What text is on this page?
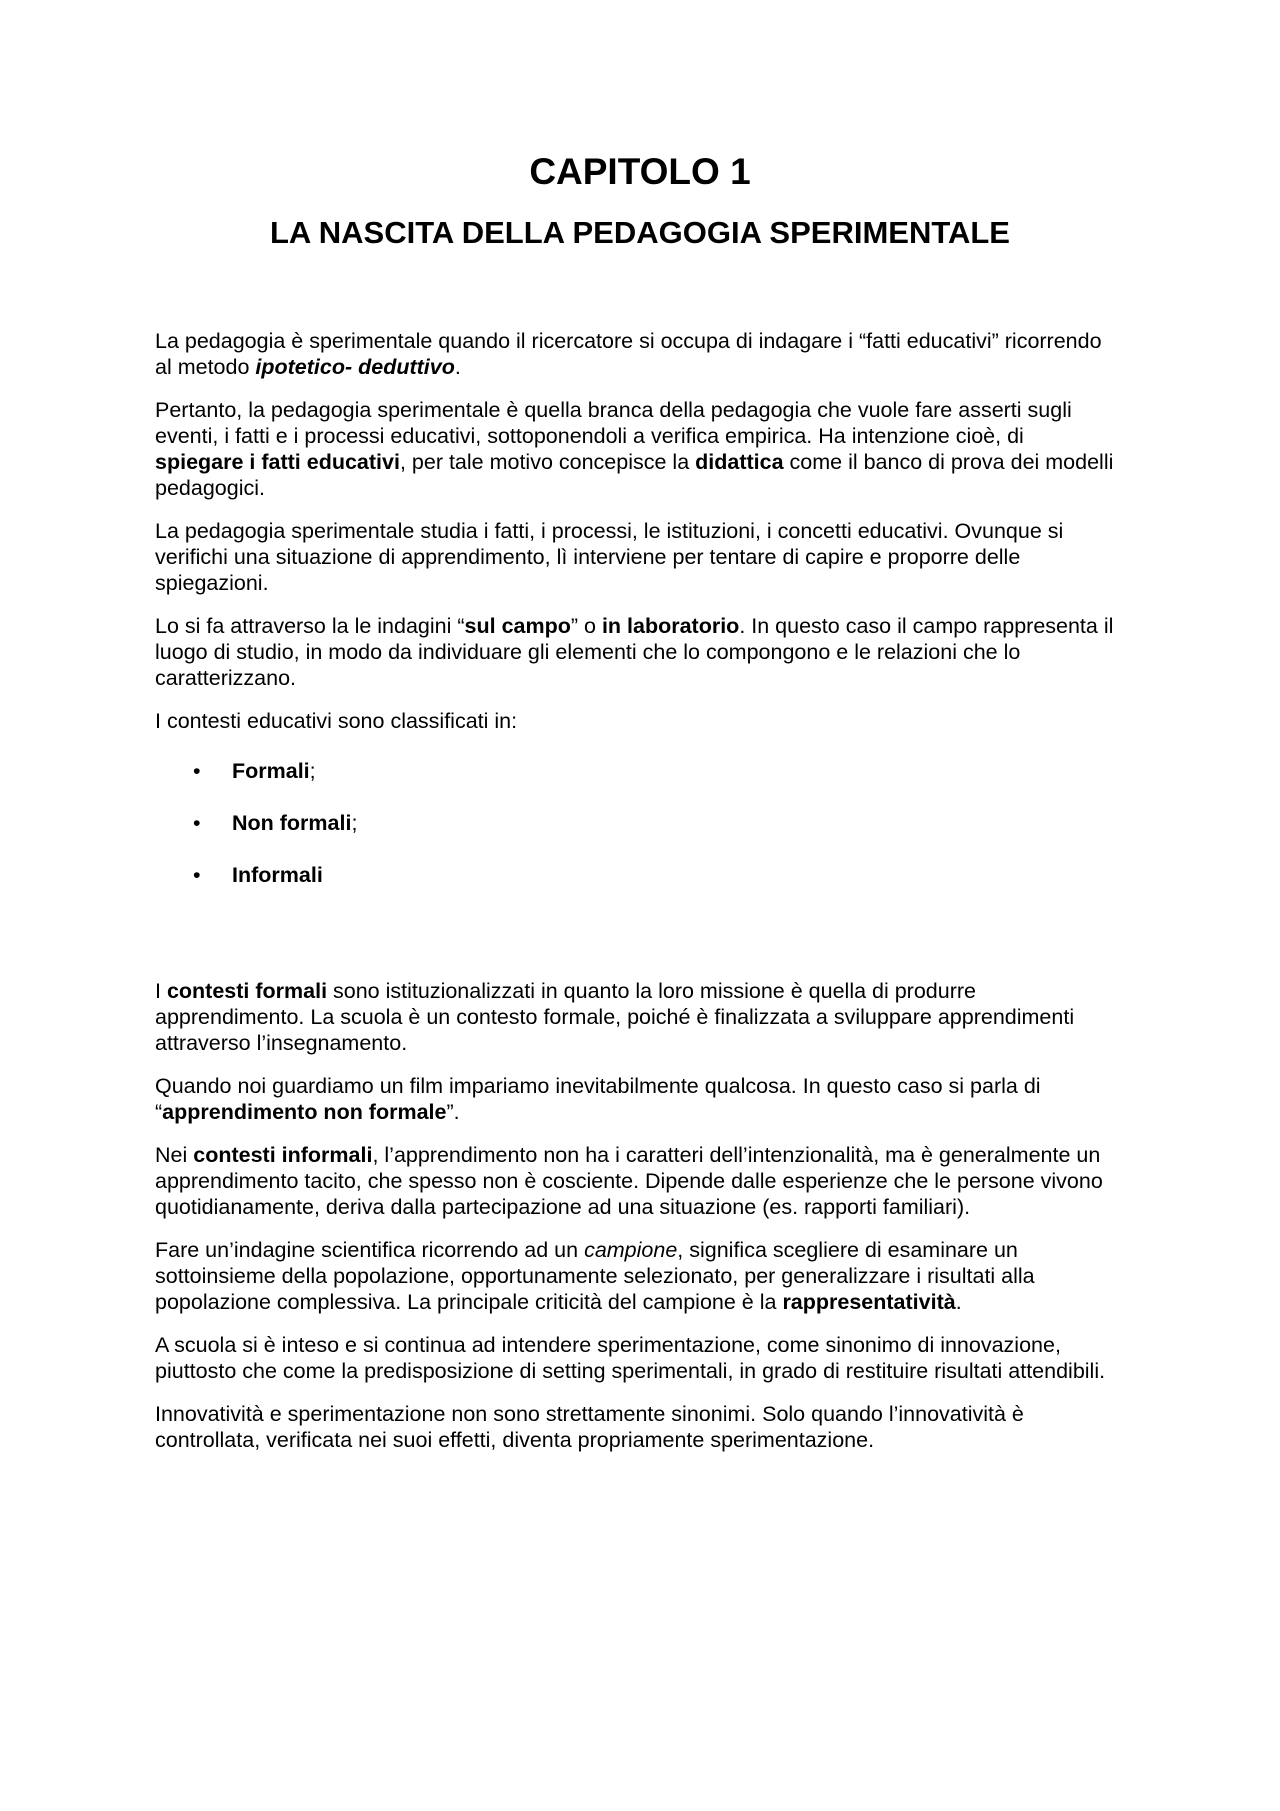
CAPITOLO 1
LA NASCITA DELLA PEDAGOGIA SPERIMENTALE

La pedagogia è sperimentale quando il ricercatore si occupa di indagare i “fatti educativi” ricorrendo al metodo ipotetico- deduttivo.

Pertanto, la pedagogia sperimentale è quella branca della pedagogia che vuole fare asserti sugli eventi, i fatti e i processi educativi, sottoponendoli a verifica empirica. Ha intenzione cioè, di spiegare i fatti educativi, per tale motivo concepisce la didattica come il banco di prova dei modelli pedagogici.

La pedagogia sperimentale studia i fatti, i processi, le istituzioni, i concetti educativi. Ovunque si verifichi una situazione di apprendimento, lì interviene per tentare di capire e proporre delle spiegazioni.

Lo si fa attraverso la le indagini “sul campo” o in laboratorio. In questo caso il campo rappresenta il luogo di studio, in modo da individuare gli elementi che lo compongono e le relazioni che lo caratterizzano.

I contesti educativi sono classificati in:

• Formali;
• Non formali;
• Informali

I contesti formali sono istituzionalizzati in quanto la loro missione è quella di produrre apprendimento. La scuola è un contesto formale, poiché è finalizzata a sviluppare apprendimenti attraverso l’insegnamento.

Quando noi guardiamo un film impariamo inevitabilmente qualcosa. In questo caso si parla di “apprendimento non formale”.

Nei contesti informali, l’apprendimento non ha i caratteri dell’intenzionalità, ma è generalmente un apprendimento tacito, che spesso non è cosciente. Dipende dalle esperienze che le persone vivono quotidianamente, deriva dalla partecipazione ad una situazione (es. rapporti familiari).

Fare un’indagine scientifica ricorrendo ad un campione, significa scegliere di esaminare un sottoinsieme della popolazione, opportunamente selezionato, per generalizzare i risultati alla popolazione complessiva. La principale criticità del campione è la rappresentatività.

A scuola si è inteso e si continua ad intendere sperimentazione, come sinonimo di innovazione, piuttosto che come la predisposizione di setting sperimentali, in grado di restituire risultati attendibili.

Innovatività e sperimentazione non sono strettamente sinonimi. Solo quando l’innovatività è controllata, verificata nei suoi effetti, diventa propriamente sperimentazione.
